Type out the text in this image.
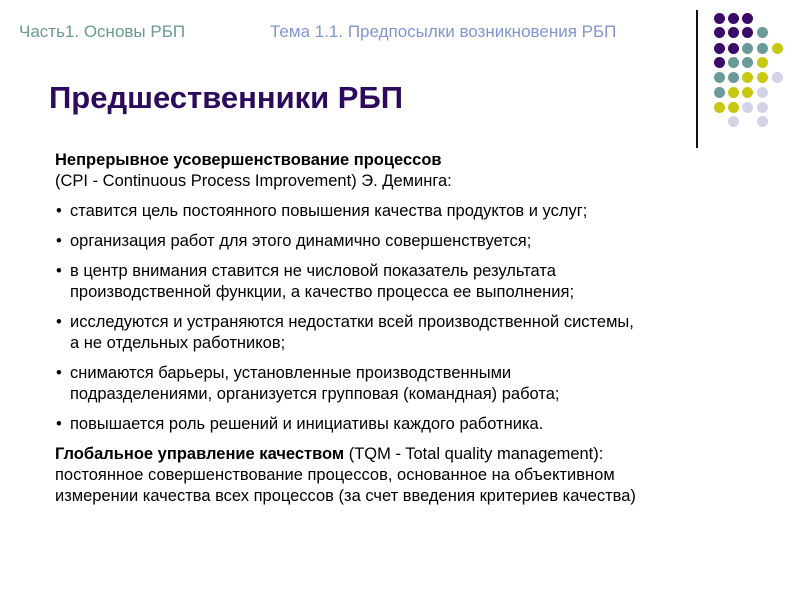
Часть1. Основы РБП	Тема 1.1. Предпосылки возникновения РБП
Предшественники РБП
Непрерывное усовершенствование процессов
(CPI - Continuous Process Improvement) Э. Деминга:
• ставится цель постоянного повышения качества продуктов и услуг;
• организация работ для этого динамично совершенствуется;
• в центр внимания ставится не числовой показатель результата
производственной функции, а качество процесса ее выполнения;
• исследуются и устраняются недостатки всей производственной системы,
а не отдельных работников;
• снимаются барьеры, установленные производственными
подразделениями, организуется групповая (командная) работа;
• повышается роль решений и инициативы каждого работника.
Глобальное управление качеством (TQM - Total quality management):
постоянное совершенствование процессов, основанное на объективном
измерении качества всех процессов (за счет введения критериев качества)
